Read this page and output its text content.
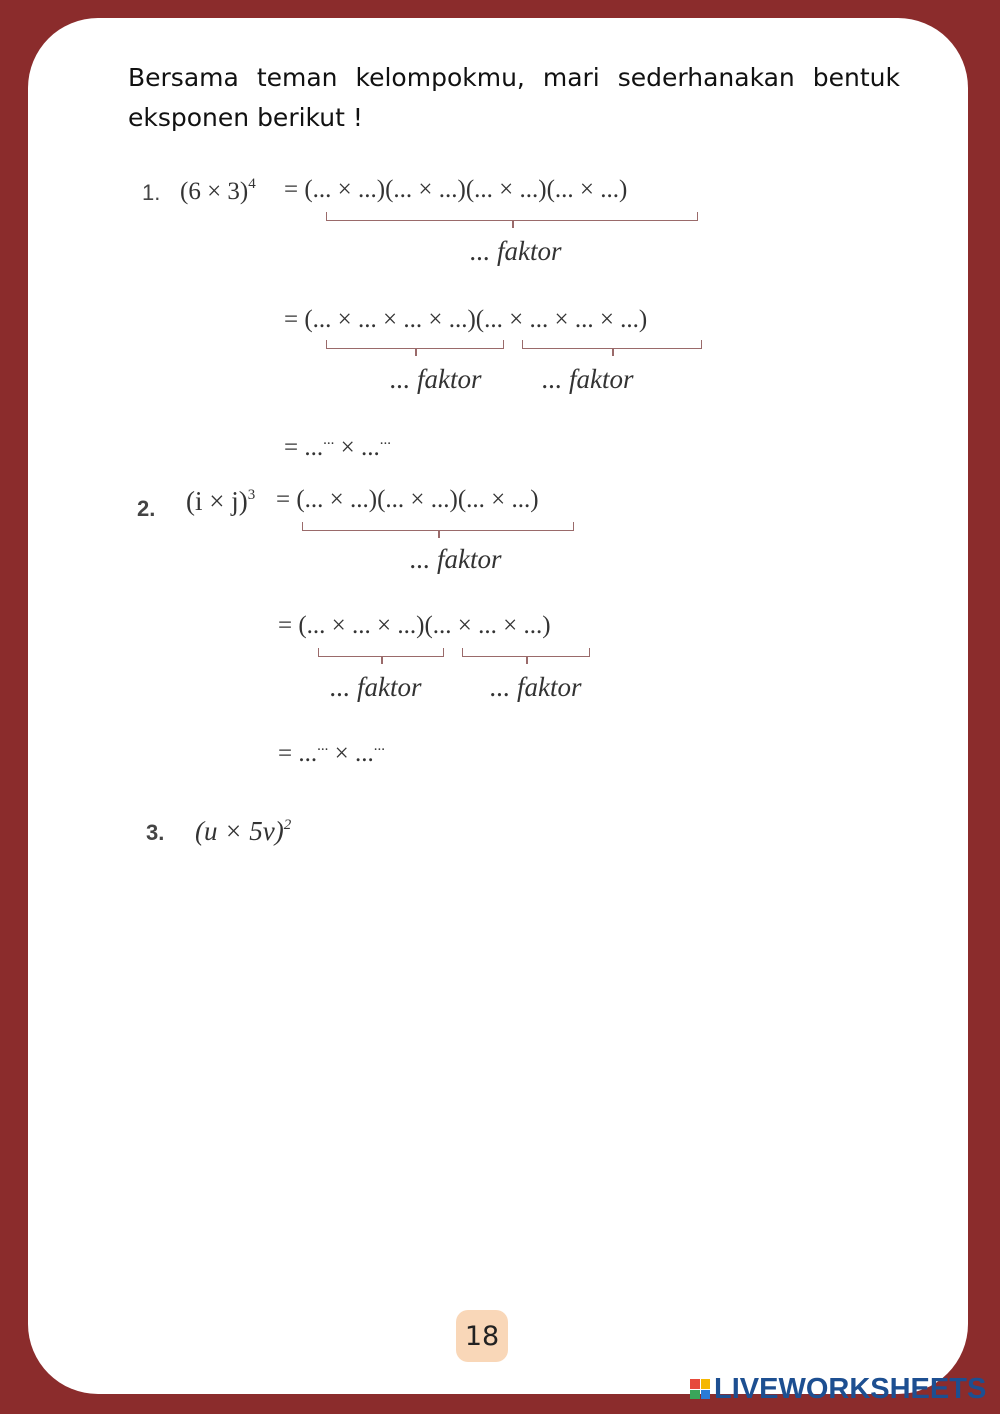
Bersama teman kelompokmu, mari sederhanakan bentuk eksponen berikut !
1. $(6 \times 3)^4$ = (... × ...)(... × ...)(... × ...)(... × ...)
... faktor
= (... × ... × ... × ...)(... × ... × ... × ...)
... faktor ... faktor
= ...... × ......
2. $(i \times j)^3$ = (... × ...)(... × ...)(... × ...)
... faktor
= (... × ... × ...)(... × ... × ...)
... faktor	... faktor
= ...... × ......
3. $(u \times 5v)^2$
18
LIVEWORKSHEETS
